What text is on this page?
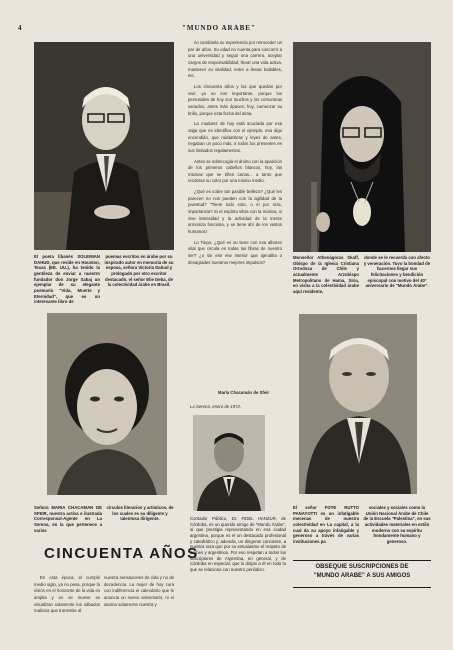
4	"MUNDO ARABE"
El poeta libanés SOLEIMAN DAHUD, que reside en Houston, Texas (EE. UU.), ha tenido la gentileza de enviar a nuestro fundador don Jorge Sabaj un ejemplar de su elegante poemario "Vida, Muerte y Eternidad", que es un interesante libro de
poemas escritos en árabe por su inspirado autor en memoria de su esposa, señora Victoria Dahud y prologado por otro escritor destacado, el señor Elie Deba, de la colectividad árabe en Brasil.
Monseñor Athenágoras Skaff, Obispo de la Iglesia Cristiana Ortodoxa de Chile y actualmente Arzobispo Metropolitano de Hama, Siria, en visita a la colectividad árabe aquí residente,
donde se le recuerda con afecto y veneración. Tuvo la bondad de hacernos llegar sus felicitaciones y bendición episcopal con motivo del 40º aniversario de "Mundo Árabe".

no cambiarla su experiencia por retroceder un par de años. Su edad no cuenta para concurrir a una universidad y seguir una carrera, aceptar cargos de responsabilidad, llevar una vida activa, mantener su vitalidad, entre a llevas bailables, etc.

Los cincuenta años y los que quedan por vivir, ya no son importante, porque los personales de hoy son muchos y los comunmas variados, antes más ópaces; hoy, comenzar su brillo, porque esta fecha del alma.

La madurez de hoy está acuciada por esa otiga que es identifica con el ejemplo, esa algo encendido, que ruidambras y leyes de antes, negaban un poco más, a todos los presentes en sus limitados regalamentos.

Antes se sobrecogía el ánimo con la aparición de los primeros cabellos blancos, hoy, las mismas que se tiñen canas... a tanto que recobran su color por una mismo medio.

¿Qué es cobre tan pasible belleza? ¿Qué les parecen no nos pueden con la agilidad de la juventud? "Tiene todo esto, o el por más, importancia? Si el espíritu vibra con la música, si vive intensidad y la actividad de la mente armoniza funciona, y se tiene ahí de los vastos humanos!

Lo Tiepo, ¿Qué es su tiene con esa alborez vital que circula en todas las fibras de nuestro ser? ¿o sin ese ese interior que ajenalha o desagrades nuestros mejores impulsos?

María Chacamán de Sfeir
La Serena, enero de 1972.
Señora MARIA CHACAMAN DE SFEIR, nuestra activa e ilustrada Corresponsal-Agente en La Serena, en la que pertenece a varios
círculos literarios y artísticos, de los cuales es su diligente y talentosa dirigente.	Contador Público, Dr. FIDEL HANZUR, de Córdoba, es un querido amigo de "Mundo Árabe", al que prestigia representando en esa ciudad argentina, porque es el un destacado profesional y catedrático y, además, un dirigente conciente, a nuestra raza que por su entusiasmo el respeto de árabes y argentinos. Por eso respetan a todos los suscriptores de Argentina, en general, y de Córdoba en especial, que lo dirijan a él en todo lo que se relaciona con nuestro periódico.
El señor FOTE RUTTO PANAYOTTI es un infatigable mecenas de nuestra colectividad en La capital, a la cual da su apoyo infatigable y generoso a través de varias instituciones pa
sociales y sociales como la Unión Nacional Árabe de Chile de la Escuela "Palestina", en sus actividades materiales en estilo moderno con su espíritu hondamente humano y generoso.
CINCUENTA AÑOS

En esta época, el cumplir medio siglo, ya no pesa, porque la visión en el horizonte de la vida es amplia y en se mueve se visualizan solamente los sábados malicios que transmite al

nuestra sensaciones de vida y no de decadencia. La mujer de hoy cura con indiferencia el calendario que le anuncia un nuevo aniversario, ni el asoma solamente nuestra y

OBSEQUIE SUSCRIPCIONES DE
"MUNDO ARABE" A SUS AMIGOS
